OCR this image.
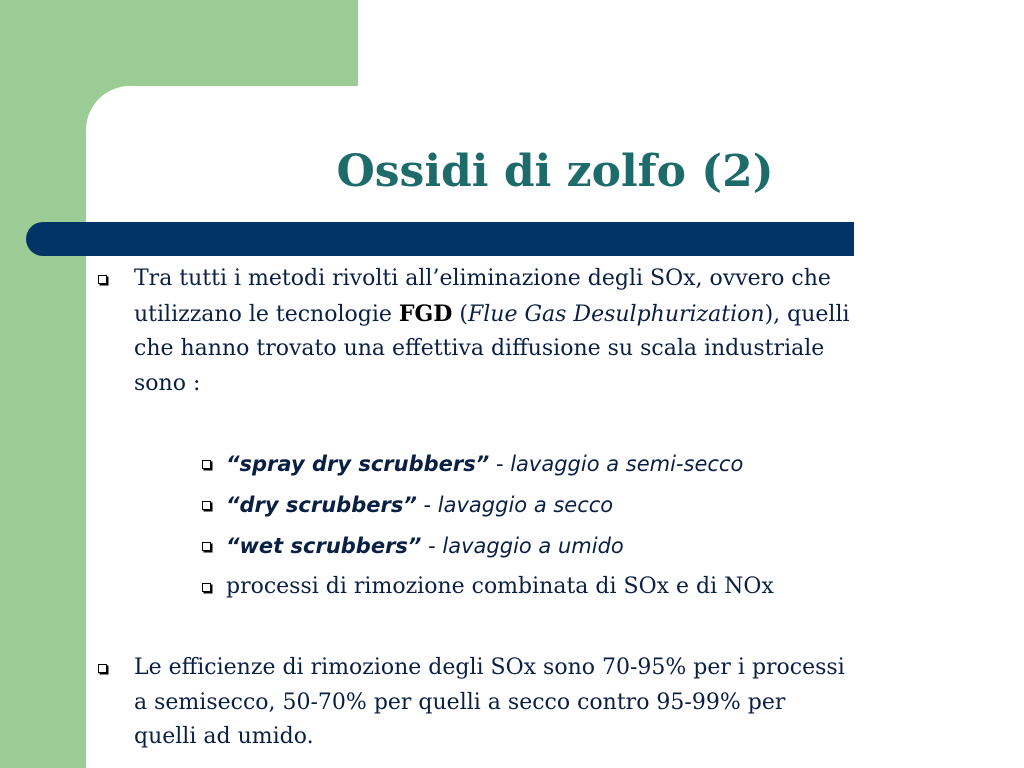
Ossidi di zolfo (2)
Tra tutti i metodi rivolti all’eliminazione degli SOx, ovvero che
utilizzano le tecnologie FGD (Flue Gas Desulphurization), quelli
che hanno trovato una effettiva diffusione su scala industriale
sono :
“spray dry scrubbers” - lavaggio a semi-secco
“dry scrubbers” - lavaggio a secco
“wet scrubbers” - lavaggio a umido
processi di rimozione combinata di SOx e di NOx
Le efficienze di rimozione degli SOx sono 70-95% per i processi
a semisecco, 50-70% per quelli a secco contro 95-99% per
quelli ad umido.
